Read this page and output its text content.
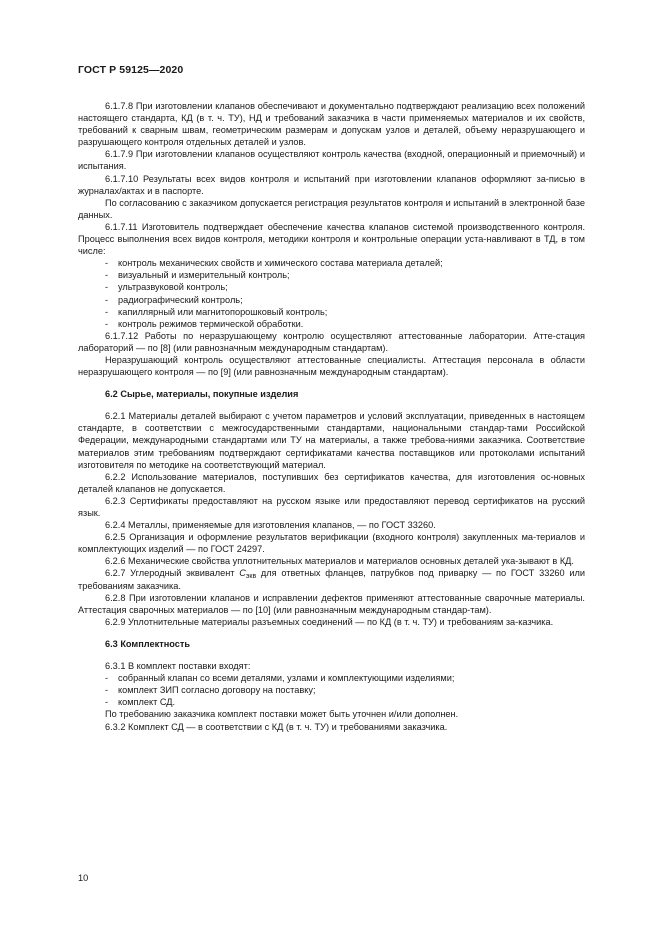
ГОСТ Р 59125—2020

6.1.7.8 При изготовлении клапанов обеспечивают и документально подтверждают реализацию всех положений настоящего стандарта, КД (в т. ч. ТУ), НД и требований заказчика в части применяемых материалов и их свойств, требований к сварным швам, геометрическим размерам и допускам узлов и деталей, объему неразрушающего и разрушающего контроля отдельных деталей и узлов.

6.1.7.9 При изготовлении клапанов осуществляют контроль качества (входной, операционный и приемочный) и испытания.

6.1.7.10 Результаты всех видов контроля и испытаний при изготовлении клапанов оформляют за-писью в журналах/актах и в паспорте.

По согласованию с заказчиком допускается регистрация результатов контроля и испытаний в электронной базе данных.

6.1.7.11 Изготовитель подтверждает обеспечение качества клапанов системой производственного контроля. Процесс выполнения всех видов контроля, методики контроля и контрольные операции уста-навливают в ТД, в том числе:

- контроль механических свойств и химического состава материала деталей;
- визуальный и измерительный контроль;
- ультразвуковой контроль;
- радиографический контроль;
- капиллярный или магнитопорошковый контроль;
- контроль режимов термической обработки.

6.1.7.12 Работы по неразрушающему контролю осуществляют аттестованные лаборатории. Атте-стация лабораторий — по [8] (или равнозначным международным стандартам).

Неразрушающий контроль осуществляют аттестованные специалисты. Аттестация персонала в области неразрушающего контроля — по [9] (или равнозначным международным стандартам).

6.2 Сырье, материалы, покупные изделия

6.2.1 Материалы деталей выбирают с учетом параметров и условий эксплуатации, приведенных в настоящем стандарте, в соответствии с межгосударственными стандартами, национальными стандар-тами Российской Федерации, международными стандартами или ТУ на материалы, а также требова-ниями заказчика. Соответствие материалов этим требованиям подтверждают сертификатами качества поставщиков или протоколами испытаний изготовителя по методике на соответствующий материал.

6.2.2 Использование материалов, поступивших без сертификатов качества, для изготовления ос-новных деталей клапанов не допускается.

6.2.3 Сертификаты предоставляют на русском языке или предоставляют перевод сертификатов на русский язык.

6.2.4 Металлы, применяемые для изготовления клапанов, — по ГОСТ 33260.

6.2.5 Организация и оформление результатов верификации (входного контроля) закупленных ма-териалов и комплектующих изделий — по ГОСТ 24297.

6.2.6 Механические свойства уплотнительных материалов и материалов основных деталей ука-зывают в КД.

6.2.7 Углеродный эквивалент $С_{экв}$ для ответных фланцев, патрубков под приварку — по ГОСТ 33260 или требованиям заказчика.

6.2.8 При изготовлении клапанов и исправлении дефектов применяют аттестованные сварочные материалы. Аттестация сварочных материалов — по [10] (или равнозначным международным стандар-там).

6.2.9 Уплотнительные материалы разъемных соединений — по КД (в т. ч. ТУ) и требованиям за-казчика.

6.3 Комплектность

6.3.1 В комплект поставки входят:

- собранный клапан со всеми деталями, узлами и комплектующими изделиями;
- комплект ЗИП согласно договору на поставку;
- комплект СД.

По требованию заказчика комплект поставки может быть уточнен и/или дополнен.

6.3.2 Комплект СД — в соответствии с КД (в т. ч. ТУ) и требованиями заказчика.

10
